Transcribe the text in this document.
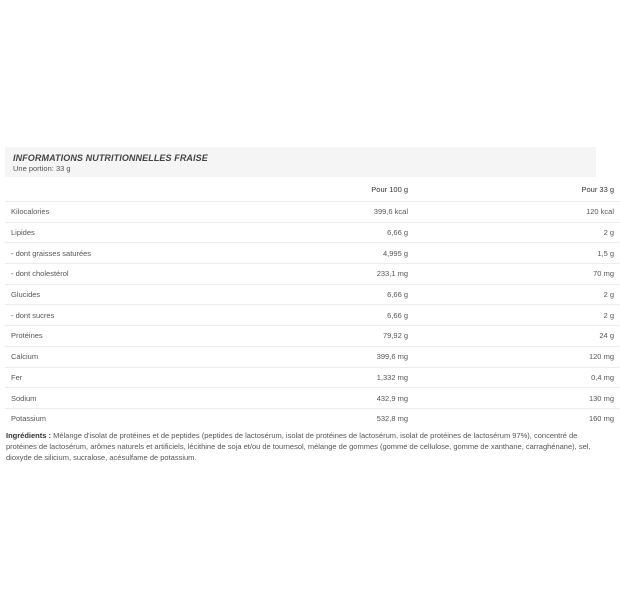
INFORMATIONS NUTRITIONNELLES FRAISE
Une portion: 33 g
	Pour 100 g	Pour 33 g
Kilocalories	399,6 kcal	120 kcal
Lipides	6,66 g	2 g
- dont graisses saturées	4,995 g	1,5 g
- dont cholestérol	233,1 mg	70 mg
Glucides	6,66 g	2 g
- dont sucres	6,66 g	2 g
Protéines	79,92 g	24 g
Calcium	399,6 mg	120 mg
Fer	1,332 mg	0,4 mg
Sodium	432,9 mg	130 mg
Potassium	532,8 mg	160 mg
Ingrédients : Mélange d'isolat de protéines et de peptides (peptides de lactosérum, isolat de protéines de lactosérum, isolat de protéines de lactosérum 97%), concentré de protéines de lactosérum, arômes naturels et artificiels, lécithine de soja et/ou de tournesol, mélange de gommes (gomme de cellulose, gomme de xanthane, carraghénane), sel, dioxyde de silicium, sucralose, acésulfame de potassium.
